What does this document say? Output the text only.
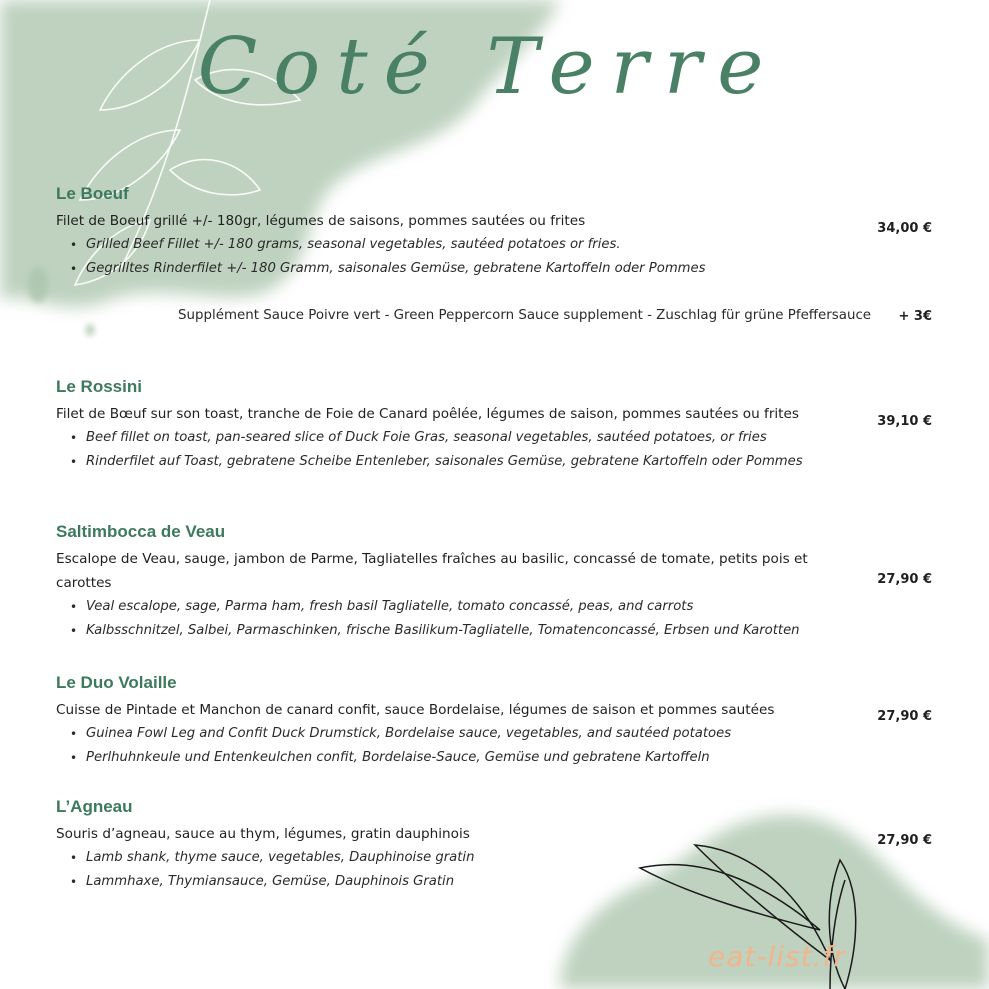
Coté Terre
Le Boeuf
Filet de Boeuf grillé +/- 180gr, légumes de saisons, pommes sautées ou frites
• Grilled Beef Fillet +/- 180 grams, seasonal vegetables, sautéed potatoes or fries.
• Gegrilltes Rinderfilet +/- 180 Gramm, saisonales Gemüse, gebratene Kartoffeln oder Pommes
34,00 €
Supplément Sauce Poivre vert - Green Peppercorn Sauce supplement - Zuschlag für grüne Pfeffersauce + 3€
Le Rossini
Filet de Bœuf sur son toast, tranche de Foie de Canard poêlée, légumes de saison, pommes sautées ou frites
• Beef fillet on toast, pan-seared slice of Duck Foie Gras, seasonal vegetables, sautéed potatoes, or fries
• Rinderfilet auf Toast, gebratene Scheibe Entenleber, saisonales Gemüse, gebratene Kartoffeln oder Pommes
39,10 €
Saltimbocca de Veau
Escalope de Veau, sauge, jambon de Parme, Tagliatelles fraîches au basilic, concassé de tomate, petits pois et carottes
• Veal escalope, sage, Parma ham, fresh basil Tagliatelle, tomato concassé, peas, and carrots
• Kalbsschnitzel, Salbei, Parmaschinken, frische Basilikum-Tagliatelle, Tomatenconcassé, Erbsen und Karotten
27,90 €
Le Duo Volaille
Cuisse de Pintade et Manchon de canard confit, sauce Bordelaise, légumes de saison et pommes sautées
• Guinea Fowl Leg and Confit Duck Drumstick, Bordelaise sauce, vegetables, and sautéed potatoes
• Perlhuhnkeule und Entenkeulchen confit, Bordelaise-Sauce, Gemüse und gebratene Kartoffeln
27,90 €
L’Agneau
Souris d’agneau, sauce au thym, légumes, gratin dauphinois
• Lamb shank, thyme sauce, vegetables, Dauphinoise gratin
• Lammhaxe, Thymiansauce, Gemüse, Dauphinois Gratin
27,90 €
eat-list.fr
